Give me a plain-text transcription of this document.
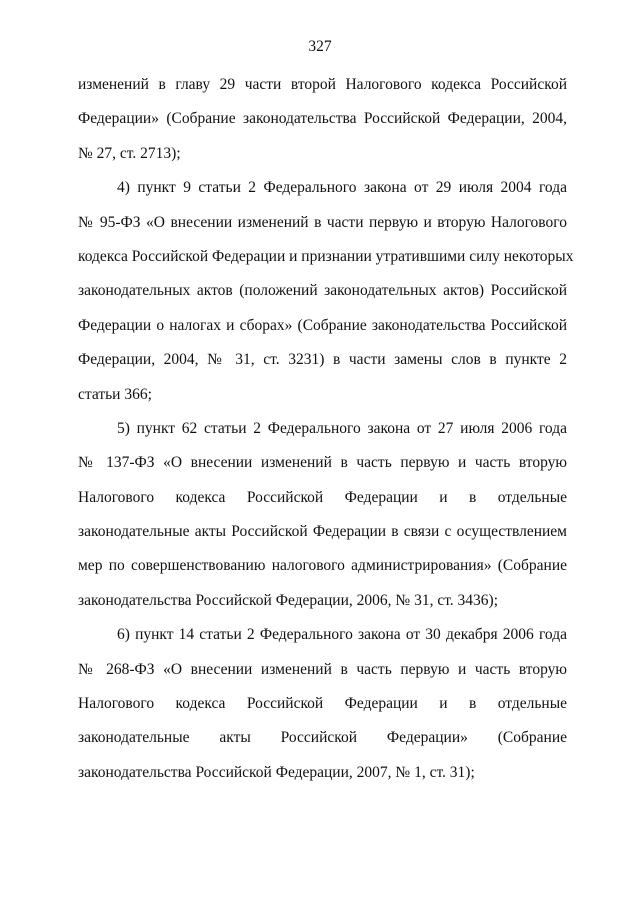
327
изменений в главу 29 части второй Налогового кодекса Российской
Федерации» (Собрание законодательства Российской Федерации, 2004,
№ 27, ст. 2713);
4) пункт 9 статьи 2 Федерального закона от 29 июля 2004 года
№ 95-ФЗ «О внесении изменений в части первую и вторую Налогового
кодекса Российской Федерации и признании утратившими силу некоторых
законодательных актов (положений законодательных актов) Российской
Федерации о налогах и сборах» (Собрание законодательства Российской
Федерации, 2004, № 31, ст. 3231) в части замены слов в пункте 2
статьи 366;
5) пункт 62 статьи 2 Федерального закона от 27 июля 2006 года
№ 137-ФЗ «О внесении изменений в часть первую и часть вторую
Налогового кодекса Российской Федерации и в отдельные
законодательные акты Российской Федерации в связи с осуществлением
мер по совершенствованию налогового администрирования» (Собрание
законодательства Российской Федерации, 2006, № 31, ст. 3436);
6) пункт 14 статьи 2 Федерального закона от 30 декабря 2006 года
№ 268-ФЗ «О внесении изменений в часть первую и часть вторую
Налогового кодекса Российской Федерации и в отдельные
законодательные акты Российской Федерации» (Собрание
законодательства Российской Федерации, 2007, № 1, ст. 31);
